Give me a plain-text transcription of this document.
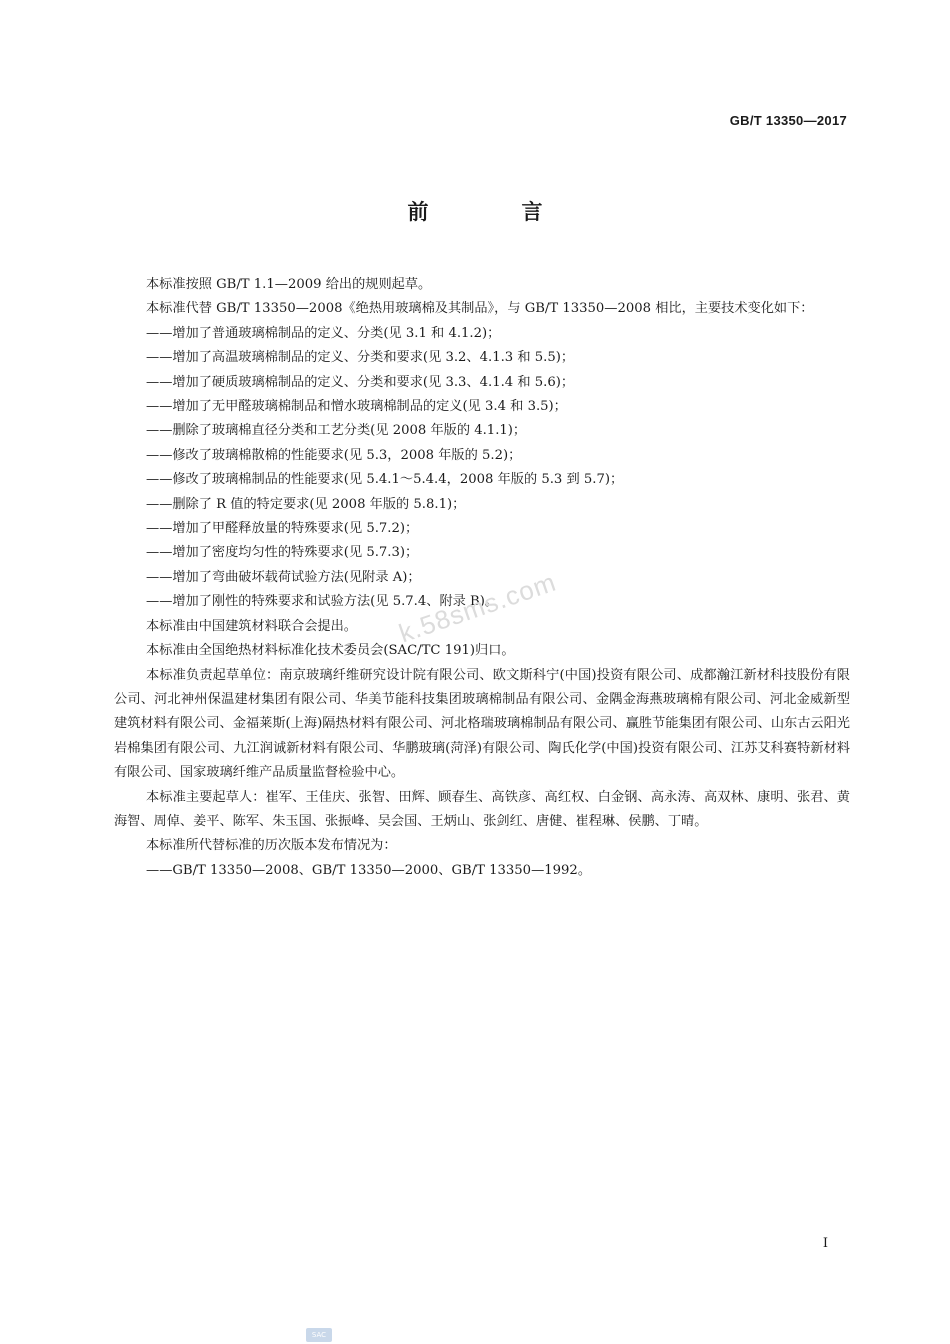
GB/T 13350—2017
前　言

本标准按照 GB/T 1.1—2009 给出的规则起草。

本标准代替 GB/T 13350—2008《绝热用玻璃棉及其制品》，与 GB/T 13350—2008 相比，主要技术变化如下：

——增加了普通玻璃棉制品的定义、分类(见 3.1 和 4.1.2)；

——增加了高温玻璃棉制品的定义、分类和要求(见 3.2、4.1.3 和 5.5)；

——增加了硬质玻璃棉制品的定义、分类和要求(见 3.3、4.1.4 和 5.6)；

——增加了无甲醛玻璃棉制品和憎水玻璃棉制品的定义(见 3.4 和 3.5)；

——删除了玻璃棉直径分类和工艺分类(见 2008 年版的 4.1.1)；

——修改了玻璃棉散棉的性能要求(见 5.3，2008 年版的 5.2)；

——修改了玻璃棉制品的性能要求(见 5.4.1～5.4.4，2008 年版的 5.3 到 5.7)；

——删除了 R 值的特定要求(见 2008 年版的 5.8.1)；

——增加了甲醛释放量的特殊要求(见 5.7.2)；

——增加了密度均匀性的特殊要求(见 5.7.3)；

——增加了弯曲破坏载荷试验方法(见附录 A)；

——增加了刚性的特殊要求和试验方法(见 5.7.4、附录 B)。

本标准由中国建筑材料联合会提出。

本标准由全国绝热材料标准化技术委员会(SAC/TC 191)归口。

本标准负责起草单位：南京玻璃纤维研究设计院有限公司、欧文斯科宁(中国)投资有限公司、成都瀚江新材科技股份有限公司、河北神州保温建材集团有限公司、华美节能科技集团玻璃棉制品有限公司、金隅金海燕玻璃棉有限公司、河北金威新型建筑材料有限公司、金福莱斯(上海)隔热材料有限公司、河北格瑞玻璃棉制品有限公司、赢胜节能集团有限公司、山东古云阳光岩棉集团有限公司、九江润诚新材料有限公司、华鹏玻璃(菏泽)有限公司、陶氏化学(中国)投资有限公司、江苏艾科赛特新材料有限公司、国家玻璃纤维产品质量监督检验中心。

本标准主要起草人：崔军、王佳庆、张智、田辉、顾春生、高铁彦、高红权、白金钢、高永涛、高双林、康明、张君、黄海智、周倬、姜平、陈军、朱玉国、张振峰、吴会国、王炳山、张剑红、唐健、崔程琳、侯鹏、丁晴。

本标准所代替标准的历次版本发布情况为：

——GB/T 13350—2008、GB/T 13350—2000、GB/T 13350—1992。

k.58sms.com
I
SAC
